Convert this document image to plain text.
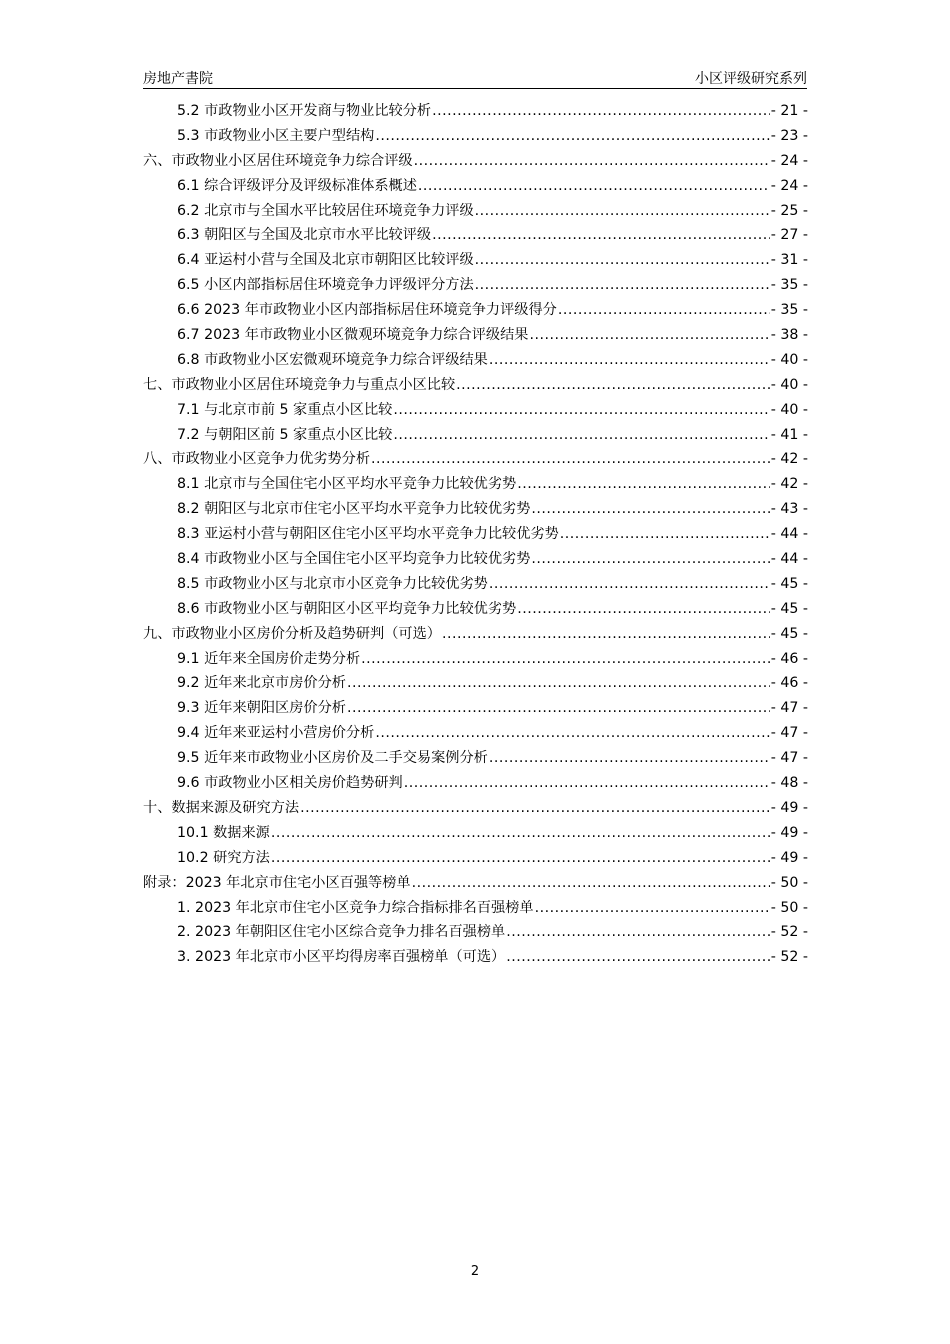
房地产書院	小区评级研究系列
5.2 市政物业小区开发商与物业比较分析 .....	- 21 -
5.3 市政物业小区主要户型结构 .....	- 23 -
六、市政物业小区居住环境竞争力综合评级 .....	- 24 -
6.1 综合评级评分及评级标准体系概述 .....	- 24 -
6.2 北京市与全国水平比较居住环境竞争力评级 .....	- 25 -
6.3 朝阳区与全国及北京市水平比较评级 .....	- 27 -
6.4 亚运村小营与全国及北京市朝阳区比较评级 .....	- 31 -
6.5 小区内部指标居住环境竞争力评级评分方法 .....	- 35 -
6.6 2023 年市政物业小区内部指标居住环境竞争力评级得分 .....	- 35 -
6.7 2023 年市政物业小区微观环境竞争力综合评级结果 .....	- 38 -
6.8 市政物业小区宏微观环境竞争力综合评级结果 .....	- 40 -
七、市政物业小区居住环境竞争力与重点小区比较 .....	- 40 -
7.1 与北京市前 5 家重点小区比较 .....	- 40 -
7.2 与朝阳区前 5 家重点小区比较 .....	- 41 -
八、市政物业小区竞争力优劣势分析 .....	- 42 -
8.1 北京市与全国住宅小区平均水平竞争力比较优劣势 .....	- 42 -
8.2 朝阳区与北京市住宅小区平均水平竞争力比较优劣势 .....	- 43 -
8.3 亚运村小营与朝阳区住宅小区平均水平竞争力比较优劣势 .....	- 44 -
8.4 市政物业小区与全国住宅小区平均竞争力比较优劣势 .....	- 44 -
8.5 市政物业小区与北京市小区竞争力比较优劣势 .....	- 45 -
8.6 市政物业小区与朝阳区小区平均竞争力比较优劣势 .....	- 45 -
九、市政物业小区房价分析及趋势研判（可选） .....	- 45 -
9.1 近年来全国房价走势分析 .....	- 46 -
9.2 近年来北京市房价分析 .....	- 46 -
9.3 近年来朝阳区房价分析 .....	- 47 -
9.4 近年来亚运村小营房价分析 .....	- 47 -
9.5 近年来市政物业小区房价及二手交易案例分析 .....	- 47 -
9.6 市政物业小区相关房价趋势研判 .....	- 48 -
十、数据来源及研究方法 .....	- 49 -
10.1 数据来源 .....	- 49 -
10.2 研究方法 .....	- 49 -
附录：2023 年北京市住宅小区百强等榜单 .....	- 50 -
1. 2023 年北京市住宅小区竞争力综合指标排名百强榜单 .....	- 50 -
2. 2023 年朝阳区住宅小区综合竞争力排名百强榜单 .....	- 52 -
3. 2023 年北京市小区平均得房率百强榜单（可选） .....	- 52 -
2
